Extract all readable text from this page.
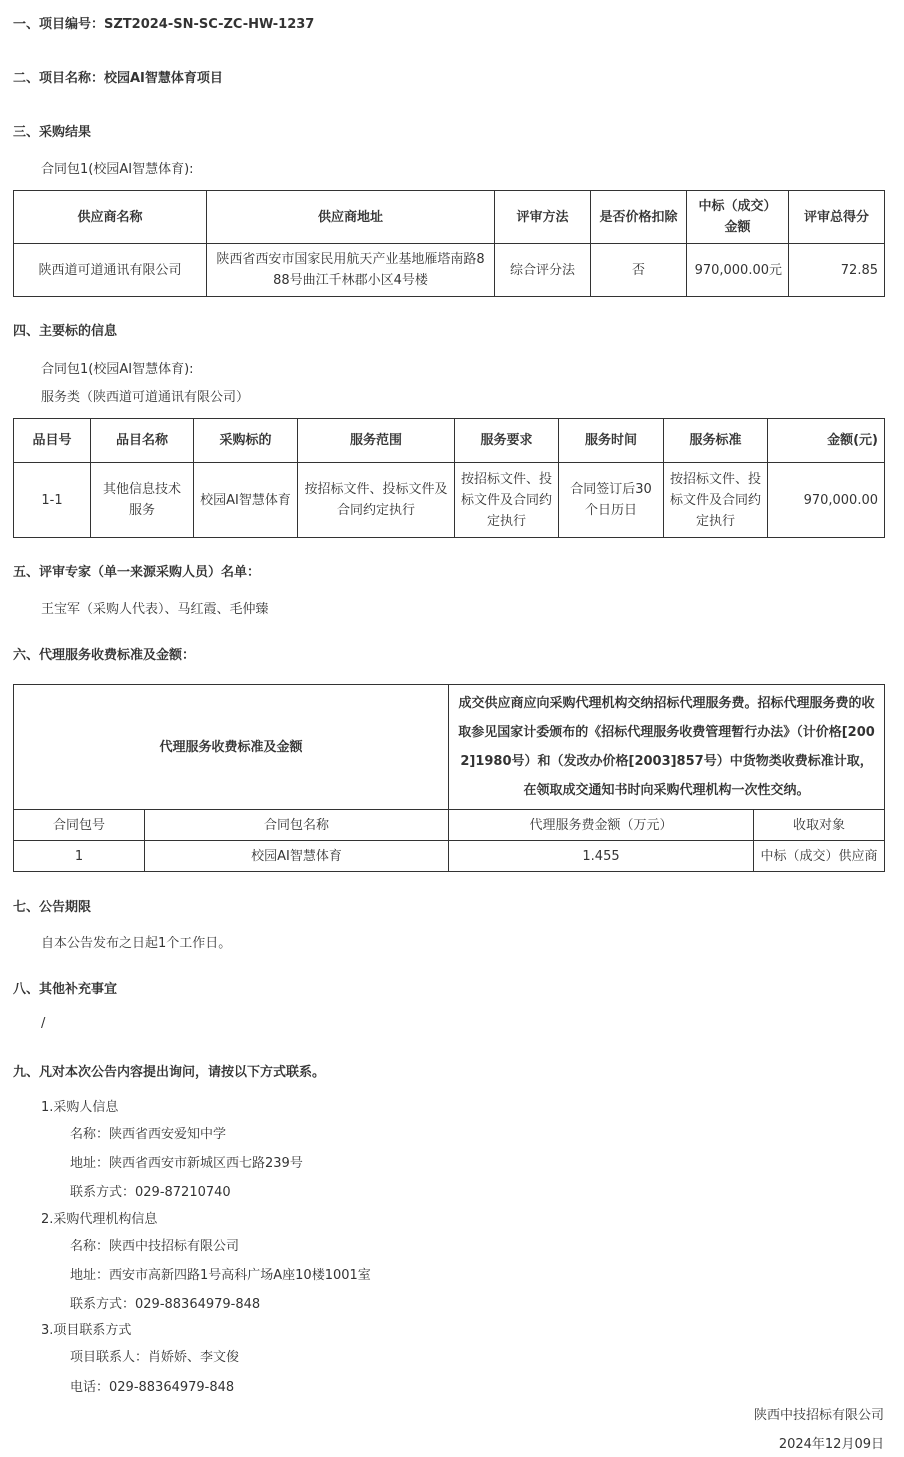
一、项目编号：SZT2024-SN-SC-ZC-HW-1237
二、项目名称：校园AI智慧体育项目
三、采购结果
合同包1(校园AI智慧体育):
供应商名称	供应商地址	评审方法	是否价格扣除	中标（成交）金额	评审总得分
陕西道可道通讯有限公司	陕西省西安市国家民用航天产业基地雁塔南路888号曲江千林郡小区4号楼	综合评分法	否	970,000.00元	72.85
四、主要标的信息
合同包1(校园AI智慧体育):
服务类（陕西道可道通讯有限公司）
品目号	品目名称	采购标的	服务范围	服务要求	服务时间	服务标准	金额(元)
1-1	其他信息技术服务	校园AI智慧体育	按招标文件、投标文件及合同约定执行	按招标文件、投标文件及合同约定执行	合同签订后30个日历日	按招标文件、投标文件及合同约定执行	970,000.00
五、评审专家（单一来源采购人员）名单：
王宝军（采购人代表）、马红霞、毛仲臻
六、代理服务收费标准及金额：
代理服务收费标准及金额		成交供应商应向采购代理机构交纳招标代理服务费。招标代理服务费的收取参见国家计委颁布的《招标代理服务收费管理暂行办法》（计价格[2002]1980号）和（发改办价格[2003]857号）中货物类收费标准计取，在领取成交通知书时向采购代理机构一次性交纳。	
合同包号	合同包名称	代理服务费金额（万元）	收取对象
1	校园AI智慧体育	1.455	中标（成交）供应商
七、公告期限
自本公告发布之日起1个工作日。
八、其他补充事宜
/
九、凡对本次公告内容提出询问，请按以下方式联系。
1.采购人信息
名称：陕西省西安爱知中学
地址：陕西省西安市新城区西七路239号
联系方式：029-87210740
2.采购代理机构信息
名称：陕西中技招标有限公司
地址：西安市高新四路1号高科广场A座10楼1001室
联系方式：029-88364979-848
3.项目联系方式
项目联系人：肖娇娇、李文俊
电话：029-88364979-848
陕西中技招标有限公司
2024年12月09日
